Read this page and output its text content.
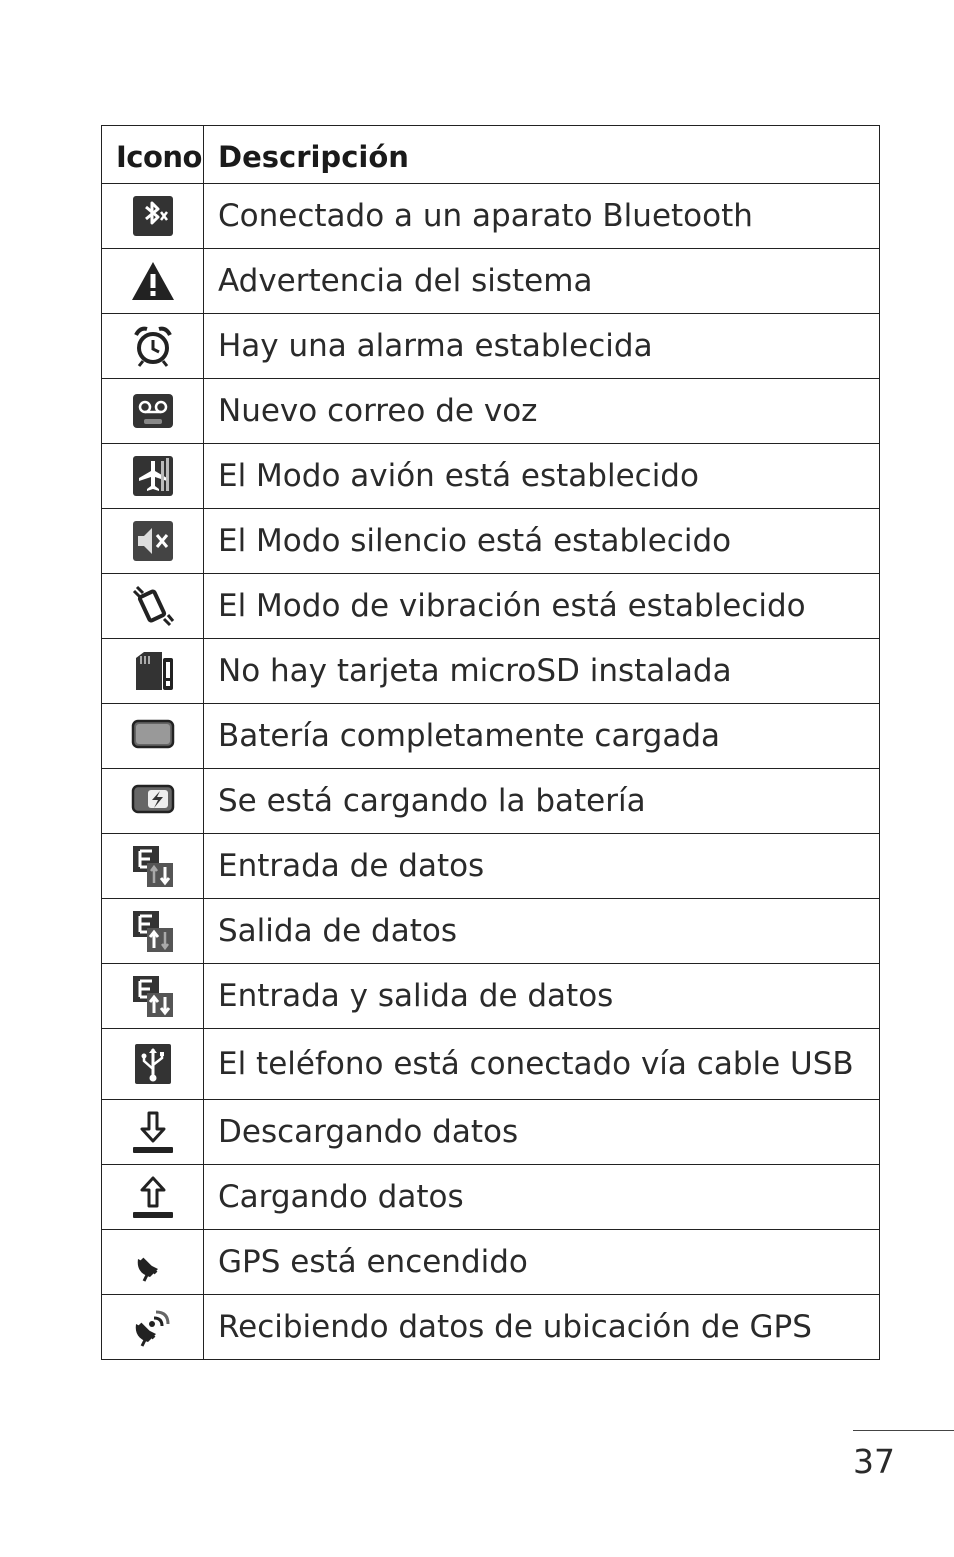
Icono	Descripción

	Conectado a un aparato Bluetooth

	Advertencia del sistema

	Hay una alarma establecida

	Nuevo correo de voz

	El Modo avión está establecido

	El Modo silencio está establecido

	El Modo de vibración está establecido

	No hay tarjeta microSD instalada

	Batería completamente cargada

	Se está cargando la batería

	Entrada de datos

	Salida de datos

	Entrada y salida de datos

	El teléfono está conectado vía cable USB

	Descargando datos

	Cargando datos

	GPS está encendido

	Recibiendo datos de ubicación de GPS
37
